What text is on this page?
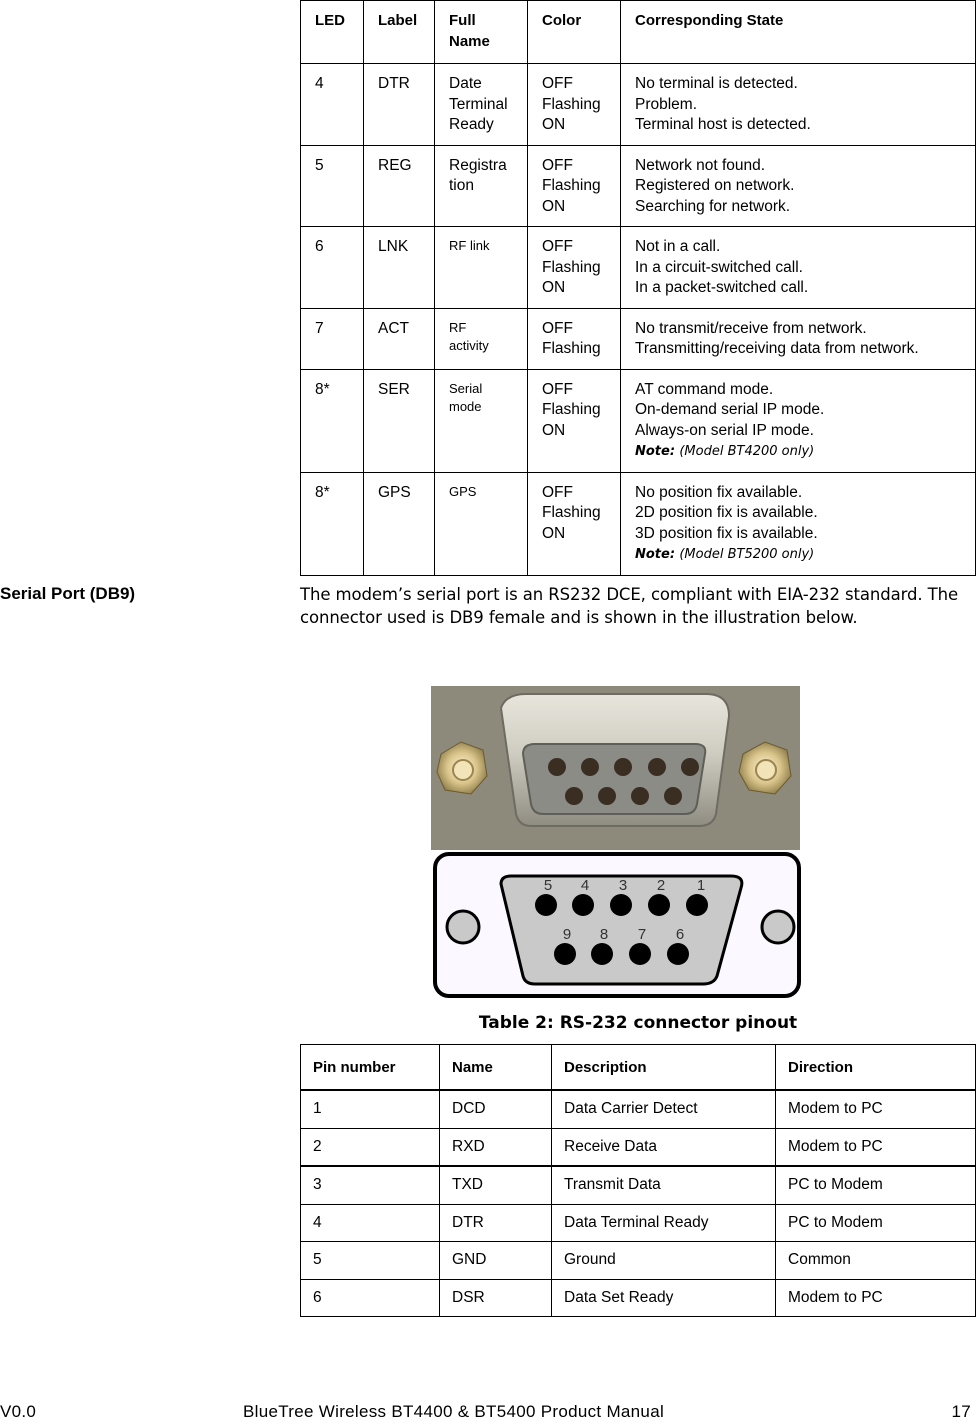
LED	Label	Full Name	Color	Corresponding State
4	DTR	Date
Terminal
Ready	OFF
Flashing
ON	No terminal is detected.
Problem.
Terminal host is detected.

5	REG	Registra
tion	OFF
Flashing
ON	Network not found.
Registered on network.
Searching for network.

6	LNK	RF link	OFF
Flashing
ON	Not in a call.
In a circuit-switched call.
In a packet-switched call.

7	ACT	RF
activity	OFF
Flashing	No transmit/receive from network.
Transmitting/receiving data from network.

8*	SER	Serial
mode	OFF
Flashing
ON	AT command mode.
On-demand serial IP mode.
Always-on serial IP mode.
Note: (Model BT4200 only)

8*	GPS	GPS	OFF
Flashing
ON	No position fix available.
2D position fix is available.
3D position fix is available.
Note: (Model BT5200 only)
Serial Port (DB9)	The modem’s serial port is an RS232 DCE, compliant with EIA-232 standard. The connector used is DB9 female and is shown in the illustration below.
5 4 3 2 1
9 8 7 6
Table 2: RS-232 connector pinout
Pin number	Name	Description	Direction
1	DCD	Data Carrier Detect	Modem to PC
2	RXD	Receive Data	Modem to PC
3	TXD	Transmit Data	PC to Modem
4	DTR	Data Terminal Ready	PC to Modem
5	GND	Ground	Common
6	DSR	Data Set Ready	Modem to PC
V0.0	BlueTree Wireless BT4400 & BT5400 Product Manual	17
